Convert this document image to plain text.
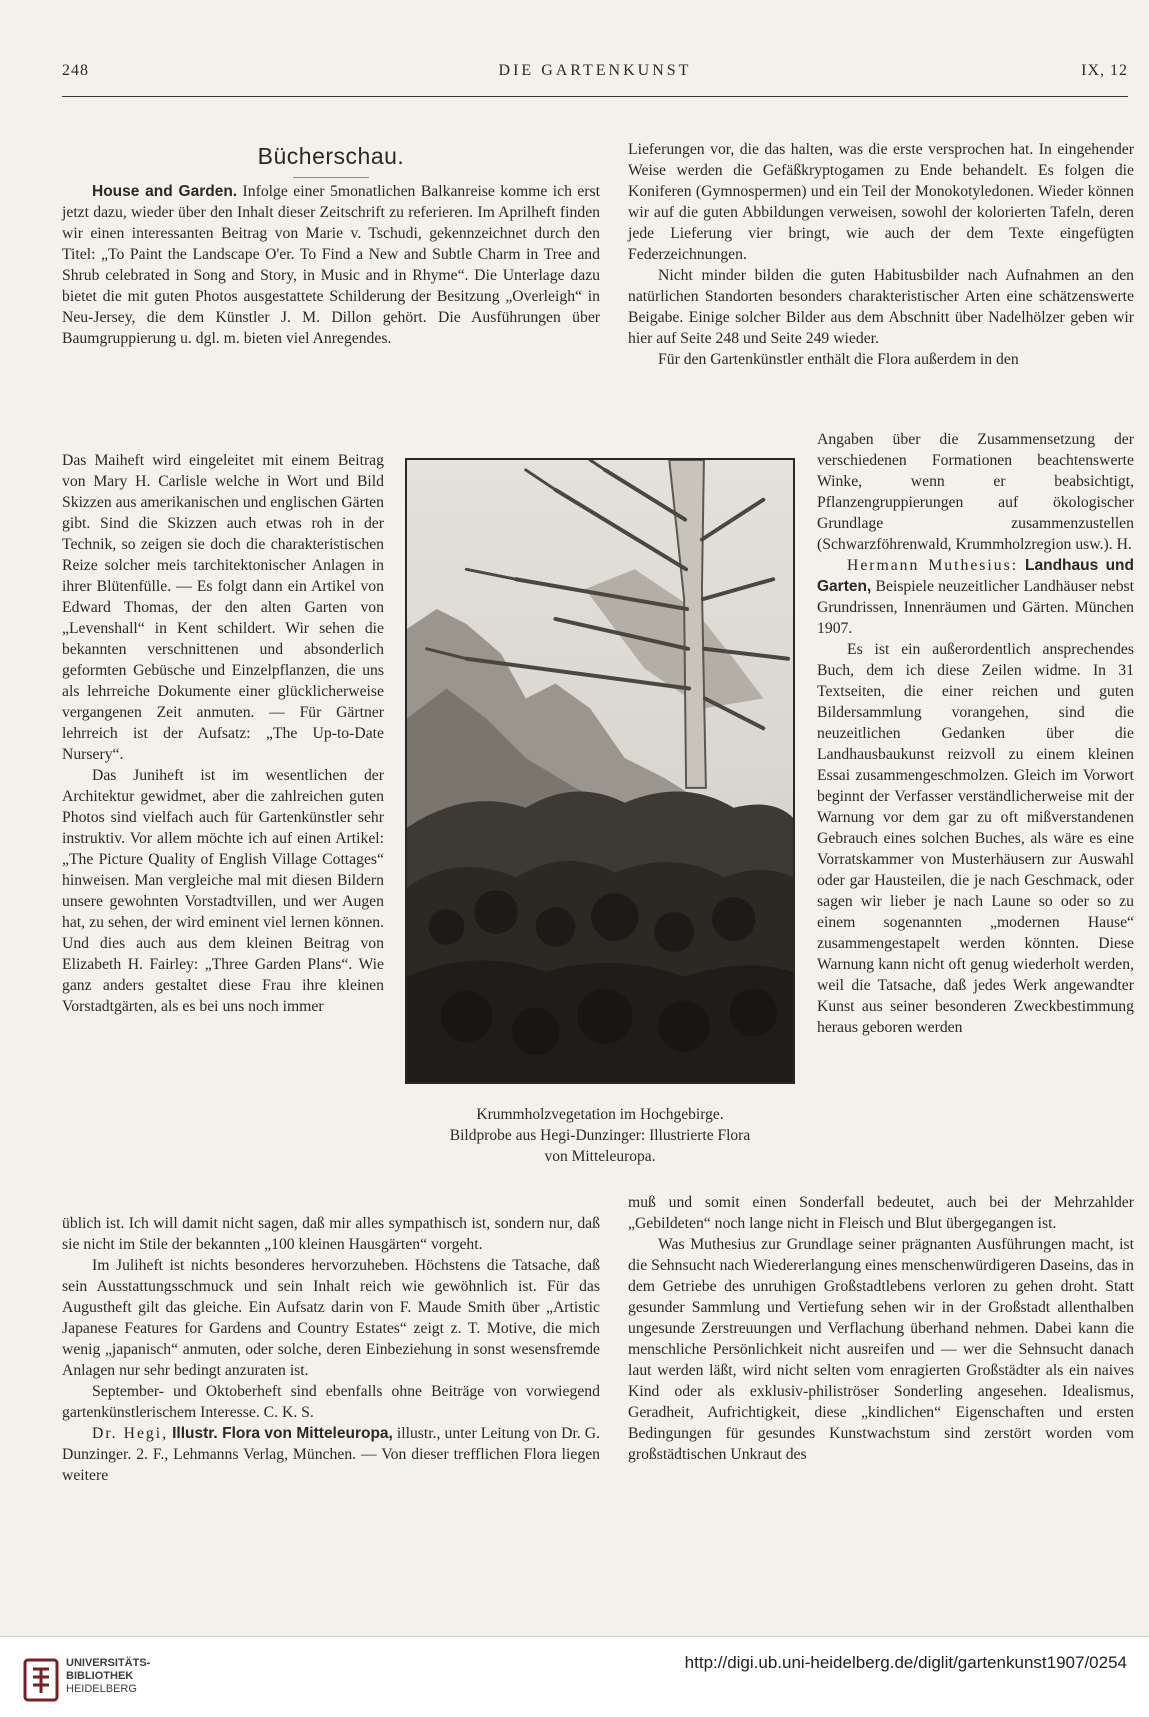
248	DIE GARTENKUNST	IX, 12
Bücherschau.

House and Garden. Infolge einer 5monatlichen Balkanreise komme ich erst jetzt dazu, wieder über den Inhalt dieser Zeitschrift zu referieren. Im Aprilheft finden wir einen interessanten Beitrag von Marie v. Tschudi, gekennzeichnet durch den Titel: „To Paint the Landscape O'er. To Find a New and Subtle Charm in Tree and Shrub celebrated in Song and Story, in Music and in Rhyme“. Die Unterlage dazu bietet die mit guten Photos ausgestattete Schilderung der Besitzung „Overleigh“ in Neu-Jersey, die dem Künstler J. M. Dillon gehört. Die Ausführungen über Baumgruppierung u. dgl. m. bieten viel Anregendes.

Das Maiheft wird eingeleitet mit einem Beitrag von Mary H. Carlisle welche in Wort und Bild Skizzen aus amerikanischen und englischen Gärten gibt. Sind die Skizzen auch etwas roh in der Technik, so zeigen sie doch die charakteristischen Reize solcher meis tarchitektonischer Anlagen in ihrer Blütenfülle. — Es folgt dann ein Artikel von Edward Thomas, der den alten Garten von „Levenshall“ in Kent schildert. Wir sehen die bekannten verschnittenen und absonderlich geformten Gebüsche und Einzelpflanzen, die uns als lehrreiche Dokumente einer glücklicherweise vergangenen Zeit anmuten. — Für Gärtner lehrreich ist der Aufsatz: „The Up-to-Date Nursery“.

Das Juniheft ist im wesentlichen der Architektur gewidmet, aber die zahlreichen guten Photos sind vielfach auch für Gartenkünstler sehr instruktiv. Vor allem möchte ich auf einen Artikel: „The Picture Quality of English Village Cottages“ hinweisen. Man vergleiche mal mit diesen Bildern unsere gewohnten Vorstadtvillen, und wer Augen hat, zu sehen, der wird eminent viel lernen können. Und dies auch aus dem kleinen Beitrag von Elizabeth H. Fairley: „Three Garden Plans“. Wie ganz anders gestaltet diese Frau ihre kleinen Vorstadtgärten, als es bei uns noch immer

üblich ist. Ich will damit nicht sagen, daß mir alles sympathisch ist, sondern nur, daß sie nicht im Stile der bekannten „100 kleinen Hausgärten“ vorgeht.

Im Juliheft ist nichts besonderes hervorzuheben. Höchstens die Tatsache, daß sein Ausstattungsschmuck und sein Inhalt reich wie gewöhnlich ist. Für das Augustheft gilt das gleiche. Ein Aufsatz darin von F. Maude Smith über „Artistic Japanese Features for Gardens and Country Estates“ zeigt z. T. Motive, die mich wenig „japanisch“ anmuten, oder solche, deren Einbeziehung in sonst wesensfremde Anlagen nur sehr bedingt anzuraten ist.

September- und Oktoberheft sind ebenfalls ohne Beiträge von vorwiegend gartenkünstlerischem Interesse. C. K. S.

Dr. Hegi, Illustr. Flora von Mitteleuropa, illustr., unter Leitung von Dr. G. Dunzinger. 2. F., Lehmanns Verlag, München. — Von dieser trefflichen Flora liegen weitere

Lieferungen vor, die das halten, was die erste versprochen hat. In eingehender Weise werden die Gefäßkryptogamen zu Ende behandelt. Es folgen die Koniferen (Gymnospermen) und ein Teil der Monokotyledonen. Wieder können wir auf die guten Abbildungen verweisen, sowohl der kolorierten Tafeln, deren jede Lieferung vier bringt, wie auch der dem Texte eingefügten Federzeichnungen.

Nicht minder bilden die guten Habitusbilder nach Aufnahmen an den natürlichen Standorten besonders charakteristischer Arten eine schätzenswerte Beigabe. Einige solcher Bilder aus dem Abschnitt über Nadelhölzer geben wir hier auf Seite 248 und Seite 249 wieder.

Für den Gartenkünstler enthält die Flora außerdem in den

Angaben über die Zusammensetzung der verschiedenen Formationen beachtenswerte Winke, wenn er beabsichtigt, Pflanzengruppierungen auf ökologischer Grundlage zusammenzustellen (Schwarzföhrenwald, Krummholzregion usw.). H.

Hermann Muthesius: Landhaus und Garten, Beispiele neuzeitlicher Landhäuser nebst Grundrissen, Innenräumen und Gärten. München 1907.

Es ist ein außerordentlich ansprechendes Buch, dem ich diese Zeilen widme. In 31 Textseiten, die einer reichen und guten Bildersammlung vorangehen, sind die neuzeitlichen Gedanken über die Landhausbaukunst reizvoll zu einem kleinen Essai zusammengeschmolzen. Gleich im Vorwort beginnt der Verfasser verständlicherweise mit der Warnung vor dem gar zu oft mißverstandenen Gebrauch eines solchen Buches, als wäre es eine Vorratskammer von Musterhäusern zur Auswahl oder gar Hausteilen, die je nach Geschmack, oder sagen wir lieber je nach Laune so oder so zu einem sogenannten „modernen Hause“ zusammengestapelt werden könnten. Diese Warnung kann nicht oft genug wiederholt werden, weil die Tatsache, daß jedes Werk angewandter Kunst aus seiner besonderen Zweckbestimmung heraus geboren werden

muß und somit einen Sonderfall bedeutet, auch bei der Mehrzahlder „Gebildeten“ noch lange nicht in Fleisch und Blut übergegangen ist.

Was Muthesius zur Grundlage seiner prägnanten Ausführungen macht, ist die Sehnsucht nach Wiedererlangung eines menschenwürdigeren Daseins, das in dem Getriebe des unruhigen Großstadtlebens verloren zu gehen droht. Statt gesunder Sammlung und Vertiefung sehen wir in der Großstadt allenthalben ungesunde Zerstreuungen und Verflachung überhand nehmen. Dabei kann die menschliche Persönlichkeit nicht ausreifen und — wer die Sehnsucht danach laut werden läßt, wird nicht selten vom enragierten Großstädter als ein naives Kind oder als exklusiv-philiströser Sonderling angesehen. Idealismus, Geradheit, Aufrichtigkeit, diese „kindlichen“ Eigenschaften und ersten Bedingungen für gesundes Kunstwachstum sind zerstört worden vom großstädtischen Unkraut des

Krummholzvegetation im Hochgebirge.
Bildprobe aus Hegi-Dunzinger: Illustrierte Flora
von Mitteleuropa.
UNIVERSITÄTS-
BIBLIOTHEK
HEIDELBERG
http://digi.ub.uni-heidelberg.de/diglit/gartenkunst1907/0254
